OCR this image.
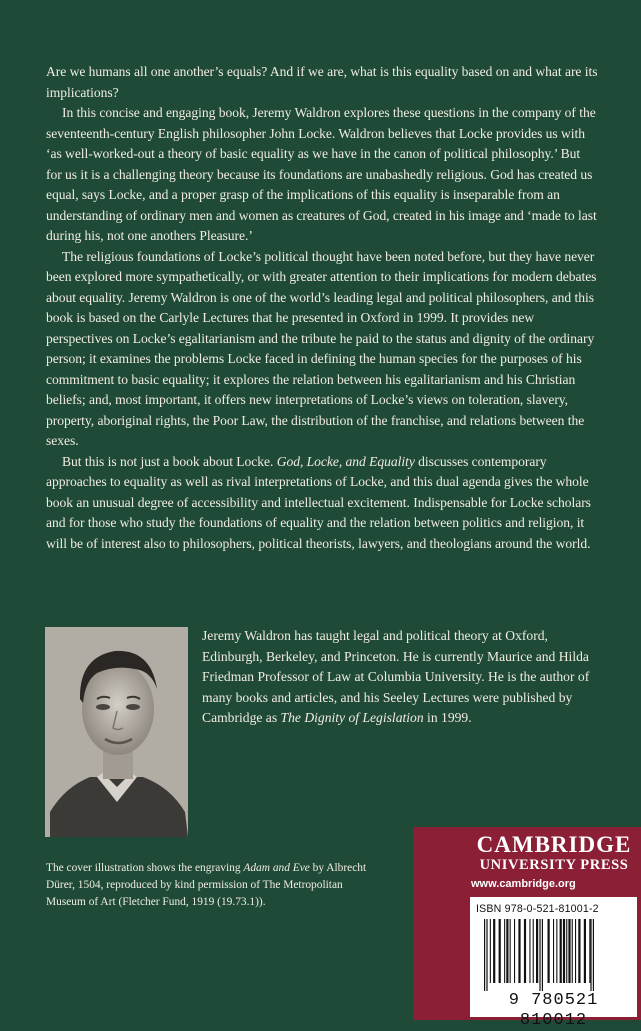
Are we humans all one another’s equals? And if we are, what is this equality based on and what are its implications?

In this concise and engaging book, Jeremy Waldron explores these questions in the company of the seventeenth-century English philosopher John Locke. Waldron believes that Locke provides us with ‘as well-worked-out a theory of basic equality as we have in the canon of political philosophy.’ But for us it is a challenging theory because its foundations are unabashedly religious. God has created us equal, says Locke, and a proper grasp of the implications of this equality is inseparable from an understanding of ordinary men and women as creatures of God, created in his image and ‘made to last during his, not one anothers Pleasure.’

The religious foundations of Locke’s political thought have been noted before, but they have never been explored more sympathetically, or with greater attention to their implications for modern debates about equality. Jeremy Waldron is one of the world’s leading legal and political philosophers, and this book is based on the Carlyle Lectures that he presented in Oxford in 1999. It provides new perspectives on Locke’s egalitarianism and the tribute he paid to the status and dignity of the ordinary person; it examines the problems Locke faced in defining the human species for the purposes of his commitment to basic equality; it explores the relation between his egalitarianism and his Christian beliefs; and, most important, it offers new interpretations of Locke’s views on toleration, slavery, property, aboriginal rights, the Poor Law, the distribution of the franchise, and relations between the sexes.

But this is not just a book about Locke. God, Locke, and Equality discusses contemporary approaches to equality as well as rival interpretations of Locke, and this dual agenda gives the whole book an unusual degree of accessibility and intellectual excitement. Indispensable for Locke scholars and for those who study the foundations of equality and the relation between politics and religion, it will be of interest also to philosophers, political theorists, lawyers, and theologians around the world.

Jeremy Waldron has taught legal and political theory at Oxford, Edinburgh, Berkeley, and Princeton. He is currently Maurice and Hilda Friedman Professor of Law at Columbia University. He is the author of many books and articles, and his Seeley Lectures were published by Cambridge as The Dignity of Legislation in 1999.

The cover illustration shows the engraving Adam and Eve by Albrecht Dürer, 1504, reproduced by kind permission of The Metropolitan Museum of Art (Fletcher Fund, 1919 (19.73.1)).

CAMBRIDGE
UNIVERSITY PRESS
www.cambridge.org
ISBN 978-0-521-81001-2
9 780521 810012
